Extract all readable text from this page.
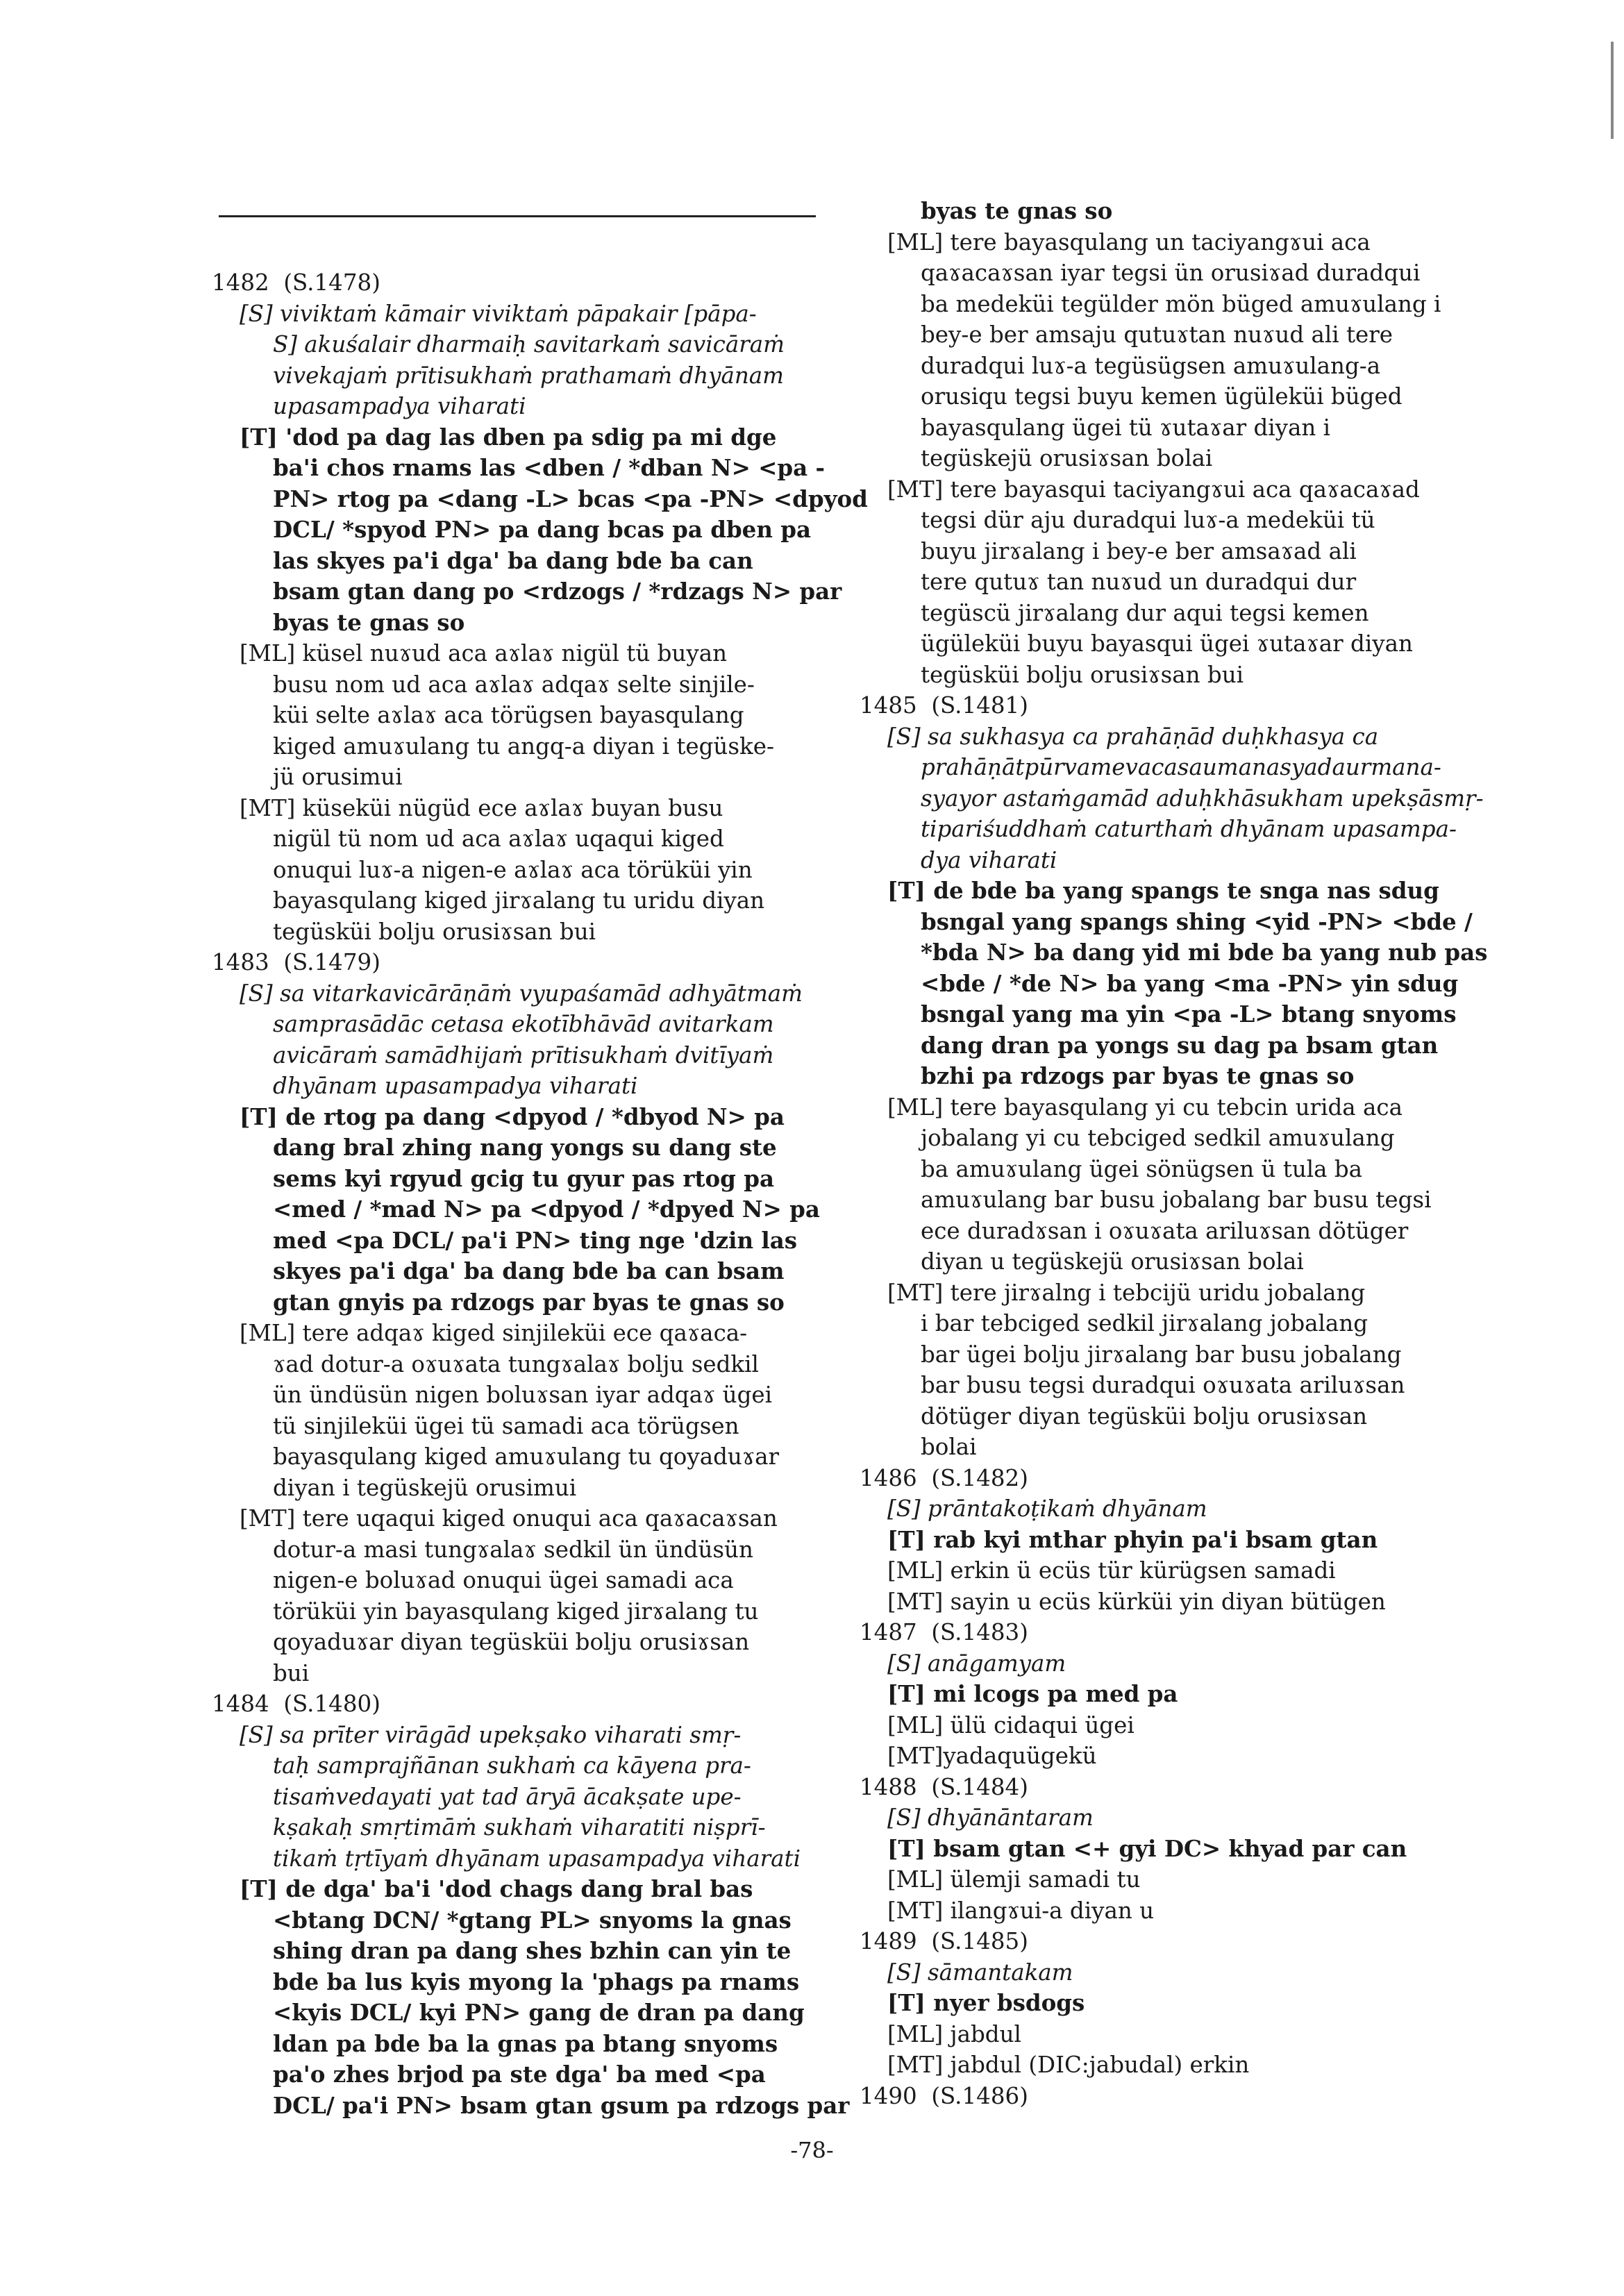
1482  (S.1478)
[S] viviktaṁ kāmair viviktaṁ pāpakair [pāpa-
S] akuśalair dharmaiḥ savitarkaṁ savicāraṁ
vivekajaṁ prītisukhaṁ prathamaṁ dhyānam
upasampadya viharati
[T] 'dod pa dag las dben pa sdig pa mi dge
ba'i chos rnams las <dben / *dban N> <pa -
PN> rtog pa <dang -L> bcas <pa -PN> <dpyod
DCL/ *spyod PN> pa dang bcas pa dben pa
las skyes pa'i dga' ba dang bde ba can
bsam gtan dang po <rdzogs / *rdzags N> par
byas te gnas so
[ML] küsel nuɤud aca aɤlaɤ nigül tü buyan
busu nom ud aca aɤlaɤ adqaɤ selte sinjile-
küi selte aɤlaɤ aca törügsen bayasqulang
kiged amuɤulang tu angq-a diyan i tegüske-
jü orusimui
[MT] küseküi nügüd ece aɤlaɤ buyan busu
nigül tü nom ud aca aɤlaɤ uqaqui kiged
onuqui luɤ-a nigen-e aɤlaɤ aca törüküi yin
bayasqulang kiged jirɤalang tu uridu diyan
tegüsküi bolju orusiɤsan bui
1483  (S.1479)
[S] sa vitarkavicārāṇāṁ vyupaśamād adhyātmaṁ
samprasādāc cetasa ekotībhāvād avitarkam
avicāraṁ samādhijaṁ prītisukhaṁ dvitīyaṁ
dhyānam upasampadya viharati
[T] de rtog pa dang <dpyod / *dbyod N> pa
dang bral zhing nang yongs su dang ste
sems kyi rgyud gcig tu gyur pas rtog pa
<med / *mad N> pa <dpyod / *dpyed N> pa
med <pa DCL/ pa'i PN> ting nge 'dzin las
skyes pa'i dga' ba dang bde ba can bsam
gtan gnyis pa rdzogs par byas te gnas so
[ML] tere adqaɤ kiged sinjileküi ece qaɤaca-
ɤad dotur-a oɤuɤata tungɤalaɤ bolju sedkil
ün ündüsün nigen boluɤsan iyar adqaɤ ügei
tü sinjileküi ügei tü samadi aca törügsen
bayasqulang kiged amuɤulang tu qoyaduɤar
diyan i tegüskejü orusimui
[MT] tere uqaqui kiged onuqui aca qaɤacaɤsan
dotur-a masi tungɤalaɤ sedkil ün ündüsün
nigen-e boluɤad onuqui ügei samadi aca
törüküi yin bayasqulang kiged jirɤalang tu
qoyaduɤar diyan tegüsküi bolju orusiɤsan
bui
1484  (S.1480)
[S] sa prīter virāgād upekṣako viharati smṛ-
taḥ samprajñānan sukhaṁ ca kāyena pra-
tisaṁvedayati yat tad āryā ācakṣate upe-
kṣakaḥ smṛtimāṁ sukhaṁ viharatiti niṣprī-
tikaṁ tṛtīyaṁ dhyānam upasampadya viharati
[T] de dga' ba'i 'dod chags dang bral bas
<btang DCN/ *gtang PL> snyoms la gnas
shing dran pa dang shes bzhin can yin te
bde ba lus kyis myong la 'phags pa rnams
<kyis DCL/ kyi PN> gang de dran pa dang
ldan pa bde ba la gnas pa btang snyoms
pa'o zhes brjod pa ste dga' ba med <pa
DCL/ pa'i PN> bsam gtan gsum pa rdzogs par
byas te gnas so
[ML] tere bayasqulang un taciyangɤui aca
qaɤacaɤsan iyar tegsi ün orusiɤad duradqui
ba medeküi tegülder mön büged amuɤulang i
bey-e ber amsaju qutuɤtan nuɤud ali tere
duradqui luɤ-a tegüsügsen amuɤulang-a
orusiqu tegsi buyu kemen ügüleküi büged
bayasqulang ügei tü ɤutaɤar diyan i
tegüskejü orusiɤsan bolai
[MT] tere bayasqui taciyangɤui aca qaɤacaɤad
tegsi dür aju duradqui luɤ-a medeküi tü
buyu jirɤalang i bey-e ber amsaɤad ali
tere qutuɤ tan nuɤud un duradqui dur
tegüscü jirɤalang dur aqui tegsi kemen
ügüleküi buyu bayasqui ügei ɤutaɤar diyan
tegüsküi bolju orusiɤsan bui
1485  (S.1481)
[S] sa sukhasya ca prahāṇād duḥkhasya ca
prahāṇātpūrvamevacasaumanasyadaurmana-
syayor astaṁgamād aduḥkhāsukham upekṣāsmṛ-
tipariśuddhaṁ caturthaṁ dhyānam upasampa-
dya viharati
[T] de bde ba yang spangs te snga nas sdug
bsngal yang spangs shing <yid -PN> <bde /
*bda N> ba dang yid mi bde ba yang nub pas
<bde / *de N> ba yang <ma -PN> yin sdug
bsngal yang ma yin <pa -L> btang snyoms
dang dran pa yongs su dag pa bsam gtan
bzhi pa rdzogs par byas te gnas so
[ML] tere bayasqulang yi cu tebcin urida aca
jobalang yi cu tebciged sedkil amuɤulang
ba amuɤulang ügei sönügsen ü tula ba
amuɤulang bar busu jobalang bar busu tegsi
ece duradɤsan i oɤuɤata ariluɤsan dötüger
diyan u tegüskejü orusiɤsan bolai
[MT] tere jirɤalng i tebcijü uridu jobalang
i bar tebciged sedkil jirɤalang jobalang
bar ügei bolju jirɤalang bar busu jobalang
bar busu tegsi duradqui oɤuɤata ariluɤsan
dötüger diyan tegüsküi bolju orusiɤsan
bolai
1486  (S.1482)
[S] prāntakoṭikaṁ dhyānam
[T] rab kyi mthar phyin pa'i bsam gtan
[ML] erkin ü ecüs tür kürügsen samadi
[MT] sayin u ecüs kürküi yin diyan bütügen
1487  (S.1483)
[S] anāgamyam
[T] mi lcogs pa med pa
[ML] ülü cidaqui ügei
[MT]yadaquügekü
1488  (S.1484)
[S] dhyānāntaram
[T] bsam gtan <+ gyi DC> khyad par can
[ML] ülemji samadi tu
[MT] ilangɤui-a diyan u
1489  (S.1485)
[S] sāmantakam
[T] nyer bsdogs
[ML] jabdul
[MT] jabdul (DIC:jabudal) erkin
1490  (S.1486)
-78-
